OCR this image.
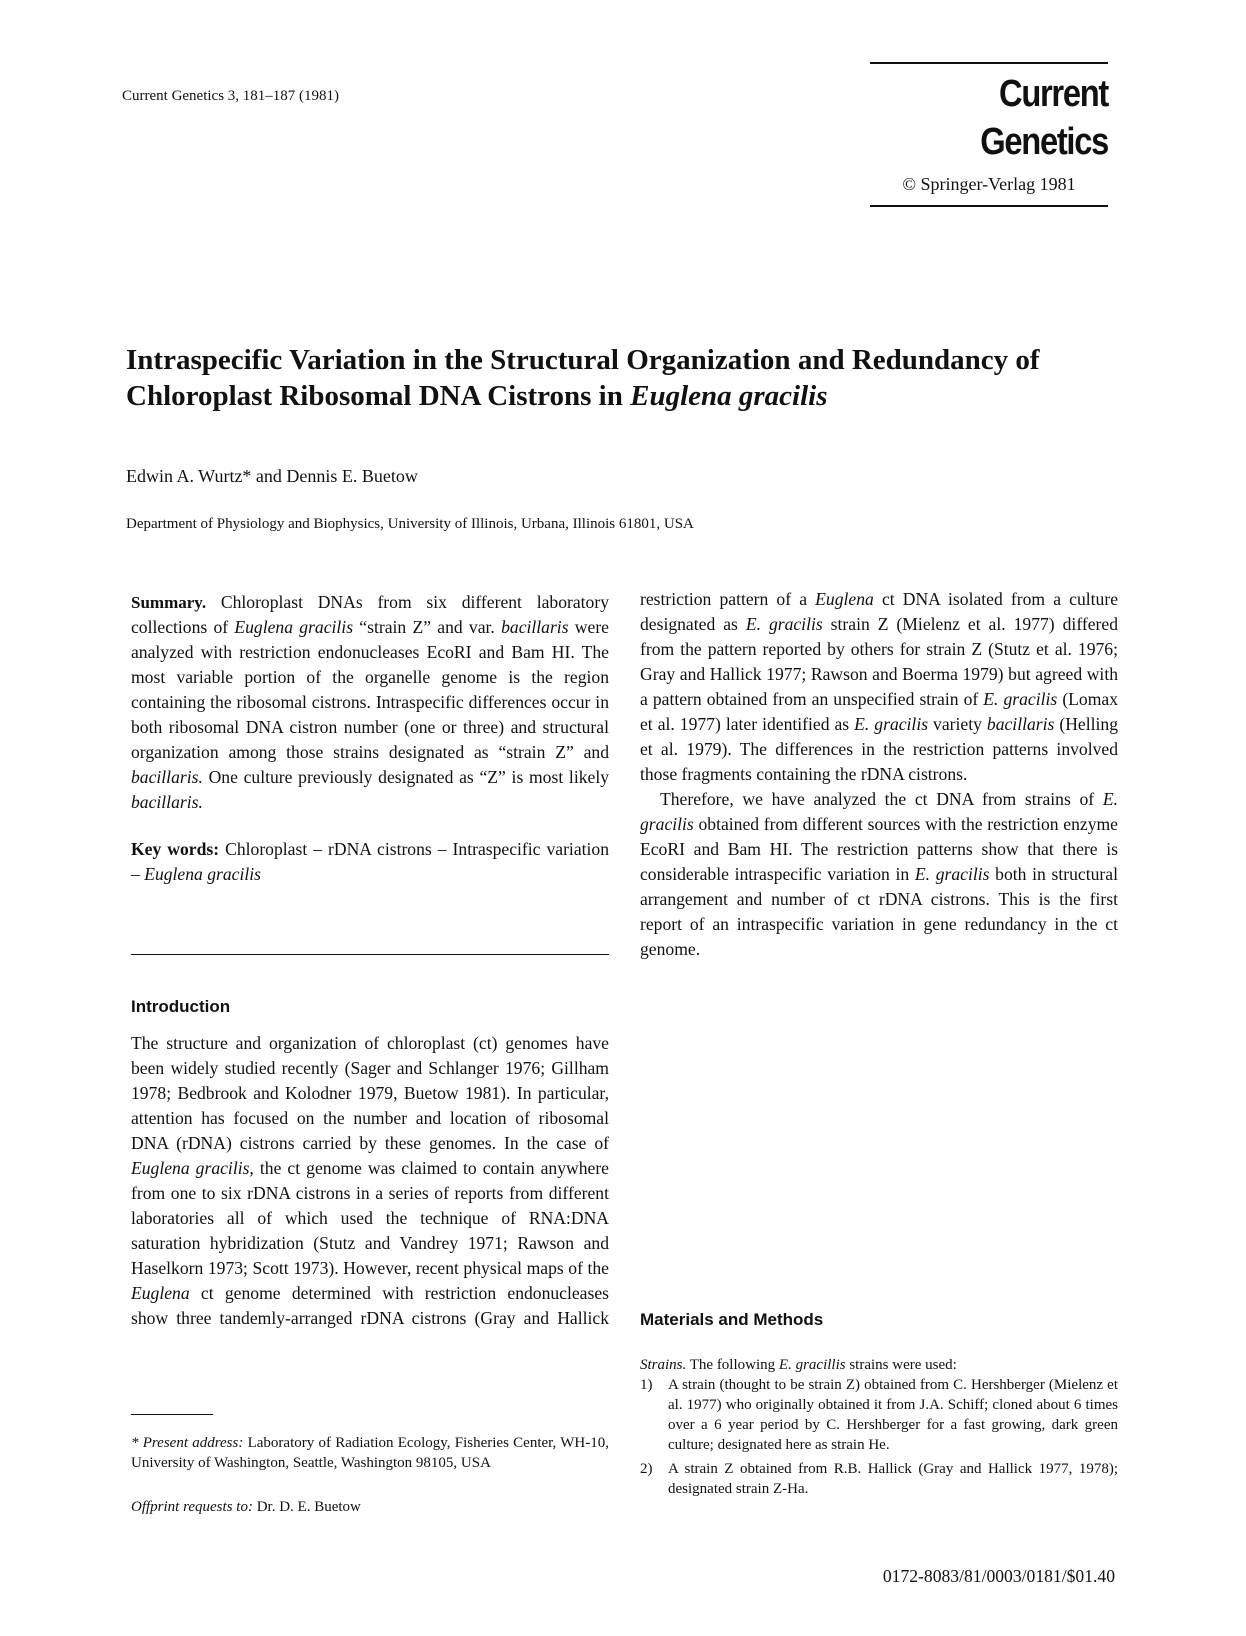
Current Genetics 3, 181–187 (1981)	Current Genetics
© Springer-Verlag 1981
Intraspecific Variation in the Structural Organization and Redundancy of Chloroplast Ribosomal DNA Cistrons in Euglena gracilis
Edwin A. Wurtz* and Dennis E. Buetow
Department of Physiology and Biophysics, University of Illinois, Urbana, Illinois 61801, USA

Summary. Chloroplast DNAs from six different laboratory collections of Euglena gracilis “strain Z” and var. bacillaris were analyzed with restriction endonucleases EcoRI and Bam HI. The most variable portion of the organelle genome is the region containing the ribosomal cistrons. Intraspecific differences occur in both ribosomal DNA cistron number (one or three) and structural organization among those strains designated as “strain Z” and bacillaris. One culture previously designated as “Z” is most likely bacillaris.

Key words: Chloroplast – rDNA cistrons – Intraspecific variation – Euglena gracilis

Introduction

The structure and organization of chloroplast (ct) genomes have been widely studied recently (Sager and Schlanger 1976; Gillham 1978; Bedbrook and Kolodner 1979, Buetow 1981). In particular, attention has focused on the number and location of ribosomal DNA (rDNA) cistrons carried by these genomes. In the case of Euglena gracilis, the ct genome was claimed to contain anywhere from one to six rDNA cistrons in a series of reports from different laboratories all of which used the technique of RNA:DNA saturation hybridization (Stutz and Vandrey 1971; Rawson and Haselkorn 1973; Scott 1973). However, recent physical maps of the Euglena ct genome determined with restriction endonucleases show three tandemly-arranged rDNA cistrons (Gray and Hallick

* Present address: Laboratory of Radiation Ecology, Fisheries Center, WH-10, University of Washington, Seattle, Washington 98105, USA
Offprint requests to: Dr. D. E. Buetow

restriction pattern of a Euglena ct DNA isolated from a culture designated as E. gracilis strain Z (Mielenz et al. 1977) differed from the pattern reported by others for strain Z (Stutz et al. 1976; Gray and Hallick 1977; Rawson and Boerma 1979) but agreed with a pattern obtained from an unspecified strain of E. gracilis (Lomax et al. 1977) later identified as E. gracilis variety bacillaris (Helling et al. 1979). The differences in the restriction patterns involved those fragments containing the rDNA cistrons.

Therefore, we have analyzed the ct DNA from strains of E. gracilis obtained from different sources with the restriction enzyme EcoRI and Bam HI. The restriction patterns show that there is considerable intraspecific variation in E. gracilis both in structural arrangement and number of ct rDNA cistrons. This is the first report of an intraspecific variation in gene redundancy in the ct genome.

Materials and Methods
Strains. The following E. gracillis strains were used:
1) A strain (thought to be strain Z) obtained from C. Hershberger (Mielenz et al. 1977) who originally obtained it from J.A. Schiff; cloned about 6 times over a 6 year period by C. Hershberger for a fast growing, dark green culture; designated here as strain He.
2) A strain Z obtained from R.B. Hallick (Gray and Hallick 1977, 1978); designated strain Z-Ha.
0172-8083/81/0003/0181/$01.40
